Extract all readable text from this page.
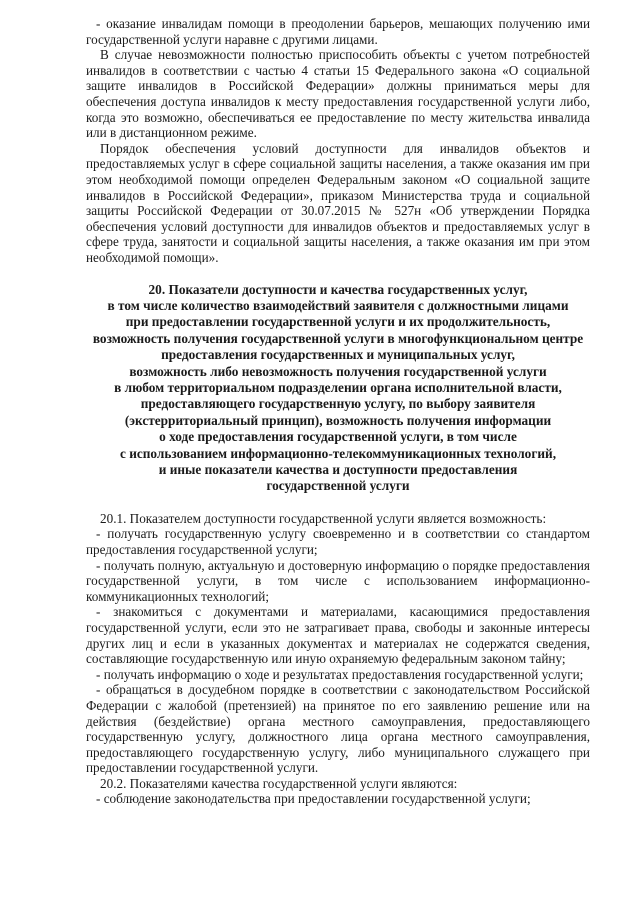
- оказание инвалидам помощи в преодолении барьеров, мешающих получению ими государственной услуги наравне с другими лицами.

В случае невозможности полностью приспособить объекты с учетом потребностей инвалидов в соответствии с частью 4 статьи 15 Федерального закона «О социальной защите инвалидов в Российской Федерации» должны приниматься меры для обеспечения доступа инвалидов к месту предоставления государственной услуги либо, когда это возможно, обеспечиваться ее предоставление по месту жительства инвалида или в дистанционном режиме.

Порядок обеспечения условий доступности для инвалидов объектов и предоставляемых услуг в сфере социальной защиты населения, а также оказания им при этом необходимой помощи определен Федеральным законом «О социальной защите инвалидов в Российской Федерации», приказом Министерства труда и социальной защиты Российской Федерации от 30.07.2015 № 527н «Об утверждении Порядка обеспечения условий доступности для инвалидов объектов и предоставляемых услуг в сфере труда, занятости и социальной защиты населения, а также оказания им при этом необходимой помощи».

20. Показатели доступности и качества государственных услуг,
в том числе количество взаимодействий заявителя с должностными лицами
при предоставлении государственной услуги и их продолжительность,
возможность получения государственной услуги в многофункциональном центре
предоставления государственных и муниципальных услуг,
возможность либо невозможность получения государственной услуги
в любом территориальном подразделении органа исполнительной власти,
предоставляющего государственную услугу, по выбору заявителя
(экстерриториальный принцип), возможность получения информации
о ходе предоставления государственной услуги, в том числе
с использованием информационно-телекоммуникационных технологий,
и иные показатели качества и доступности предоставления
государственной услуги

20.1. Показателем доступности государственной услуги является возможность:

- получать государственную услугу своевременно и в соответствии со стандартом предоставления государственной услуги;

- получать полную, актуальную и достоверную информацию о порядке предоставления государственной услуги, в том числе с использованием информационно-коммуникационных технологий;

- знакомиться с документами и материалами, касающимися предоставления государственной услуги, если это не затрагивает права, свободы и законные интересы других лиц и если в указанных документах и материалах не содержатся сведения, составляющие государственную или иную охраняемую федеральным законом тайну;

- получать информацию о ходе и результатах предоставления государственной услуги;

- обращаться в досудебном порядке в соответствии с законодательством Российской Федерации с жалобой (претензией) на принятое по его заявлению решение или на действия (бездействие) органа местного самоуправления, предоставляющего государственную услугу, должностного лица органа местного самоуправления, предоставляющего государственную услугу, либо муниципального служащего при предоставлении государственной услуги.

20.2. Показателями качества государственной услуги являются:

- соблюдение законодательства при предоставлении государственной услуги;
